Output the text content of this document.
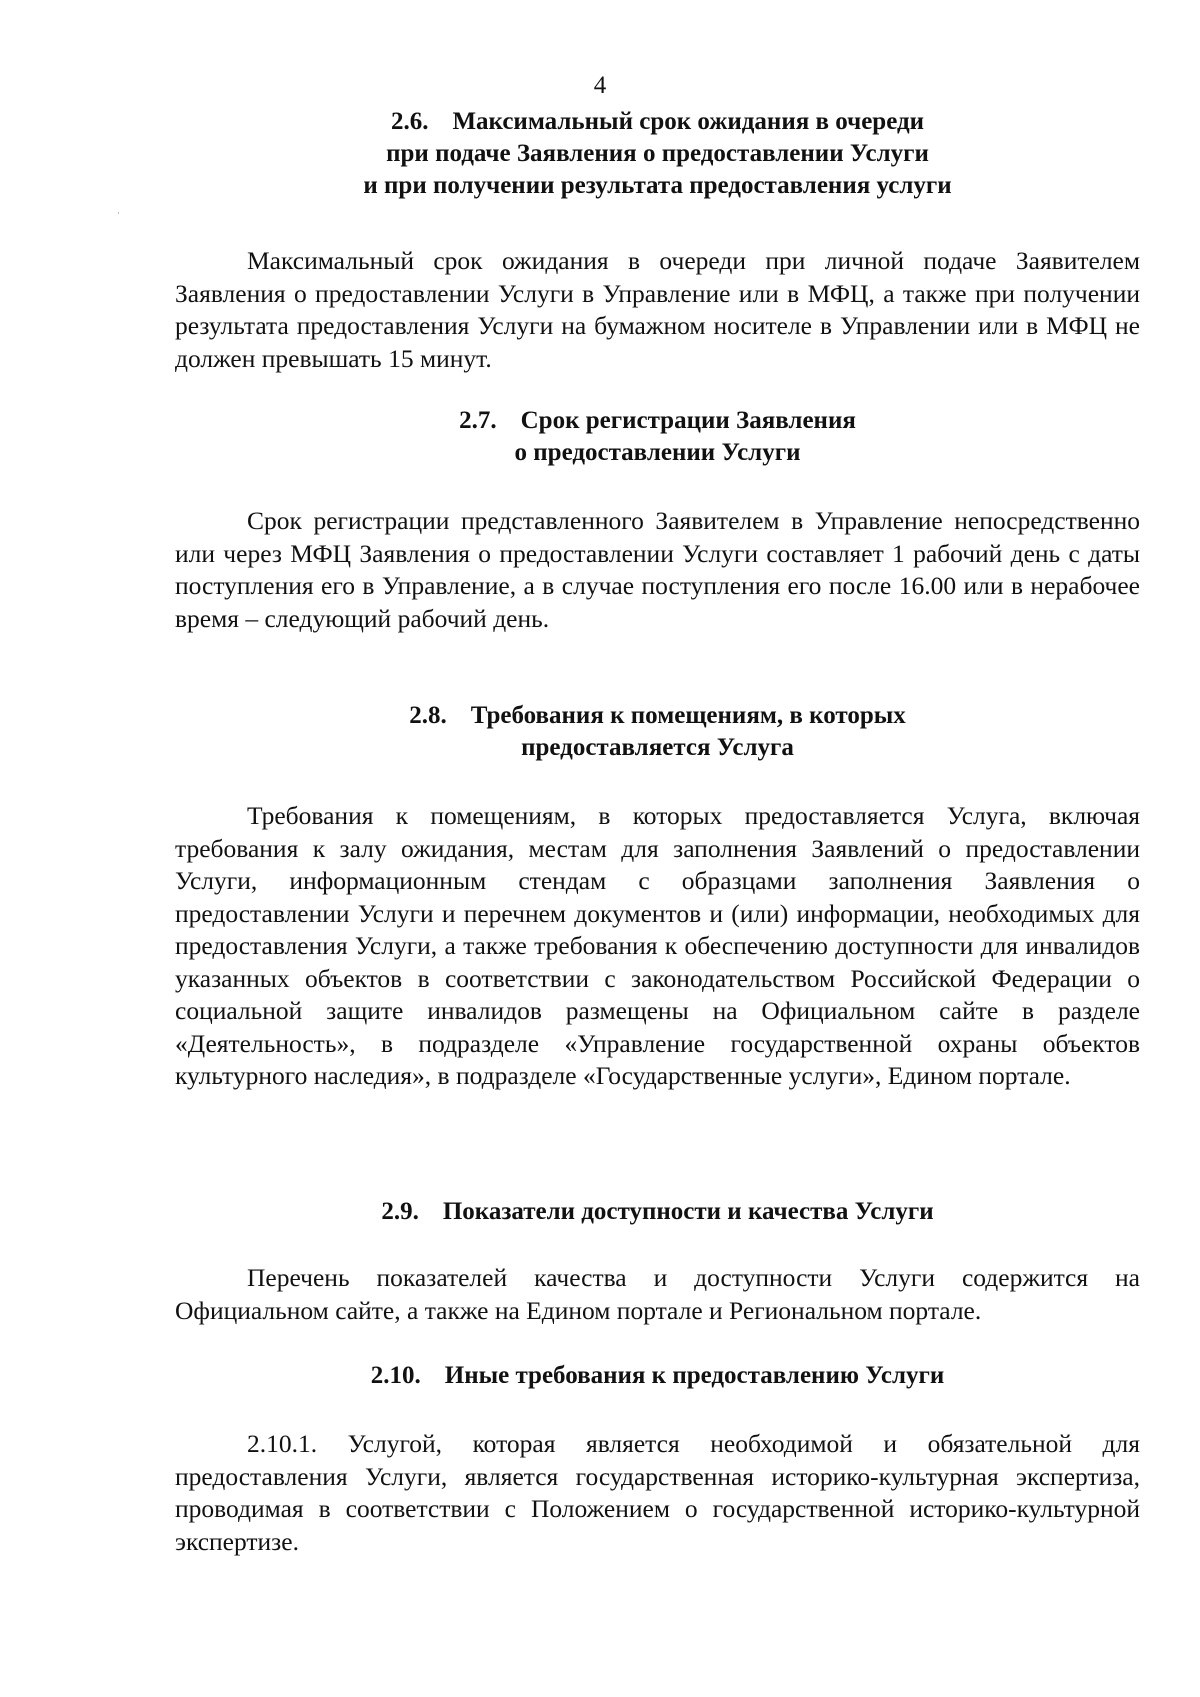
4
2.6. Максимальный срок ожидания в очереди
при подаче Заявления о предоставлении Услуги
и при получении результата предоставления услуги

Максимальный срок ожидания в очереди при личной подаче Заявителем Заявления о предоставлении Услуги в Управление или в МФЦ, а также при получении результата предоставления Услуги на бумажном носителе в Управлении или в МФЦ не должен превышать 15 минут.

2.7. Срок регистрации Заявления
о предоставлении Услуги

Срок регистрации представленного Заявителем в Управление непосредственно или через МФЦ Заявления о предоставлении Услуги составляет 1 рабочий день с даты поступления его в Управление, а в случае поступления его после 16.00 или в нерабочее время – следующий рабочий день.

2.8. Требования к помещениям, в которых
предоставляется Услуга

Требования к помещениям, в которых предоставляется Услуга, включая требования к залу ожидания, местам для заполнения Заявлений о предоставлении Услуги, информационным стендам с образцами заполнения Заявления о предоставлении Услуги и перечнем документов и (или) информации, необходимых для предоставления Услуги, а также требования к обеспечению доступности для инвалидов указанных объектов в соответствии с законодательством Российской Федерации о социальной защите инвалидов размещены на Официальном сайте в разделе «Деятельность», в подразделе «Управление государственной охраны объектов культурного наследия», в подразделе «Государственные услуги», Едином портале.

2.9. Показатели доступности и качества Услуги

Перечень показателей качества и доступности Услуги содержится на Официальном сайте, а также на Едином портале и Региональном портале.

2.10. Иные требования к предоставлению Услуги

2.10.1. Услугой, которая является необходимой и обязательной для предоставления Услуги, является государственная историко-культурная экспертиза, проводимая в соответствии с Положением о государственной историко-культурной экспертизе.
